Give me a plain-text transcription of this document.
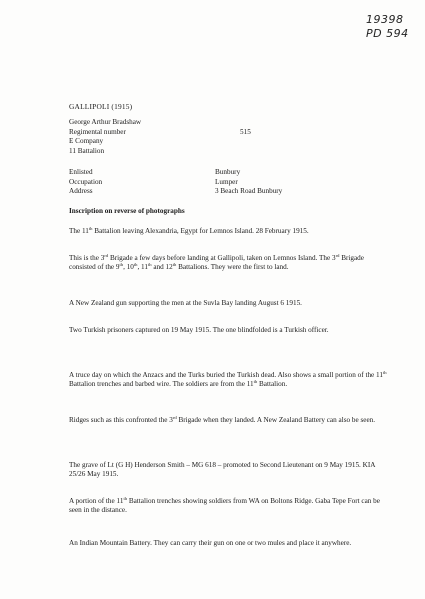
19398
PD 594
GALLIPOLI (1915)
George Arthur Bradshaw
Regimental number	515
E Company
11 Battalion
Enlisted	Bunbury
Occupation	Lumper
Address	3 Beach Road Bunbury
Inscription on reverse of photographs
The 11th Battalion leaving Alexandria, Egypt for Lemnos Island. 28 February 1915.
This is the 3rd Brigade a few days before landing at Gallipoli, taken on Lemnos Island. The 3rd Brigade consisted of the 9th, 10th, 11th and 12th Battalions. They were the first to land.
A New Zealand gun supporting the men at the Suvla Bay landing August 6 1915.
Two Turkish prisoners captured on 19 May 1915. The one blindfolded is a Turkish officer.
A truce day on which the Anzacs and the Turks buried the Turkish dead. Also shows a small portion of the 11th Battalion trenches and barbed wire. The soldiers are from the 11th Battalion.
Ridges such as this confronted the 3rd Brigade when they landed. A New Zealand Battery can also be seen.
The grave of Lt (G H) Henderson Smith – MG 618 – promoted to Second Lieutenant on 9 May 1915. KIA 25/26 May 1915.
A portion of the 11th Battalion trenches showing soldiers from WA on Boltons Ridge. Gaba Tepe Fort can be seen in the distance.
An Indian Mountain Battery. They can carry their gun on one or two mules and place it anywhere.
